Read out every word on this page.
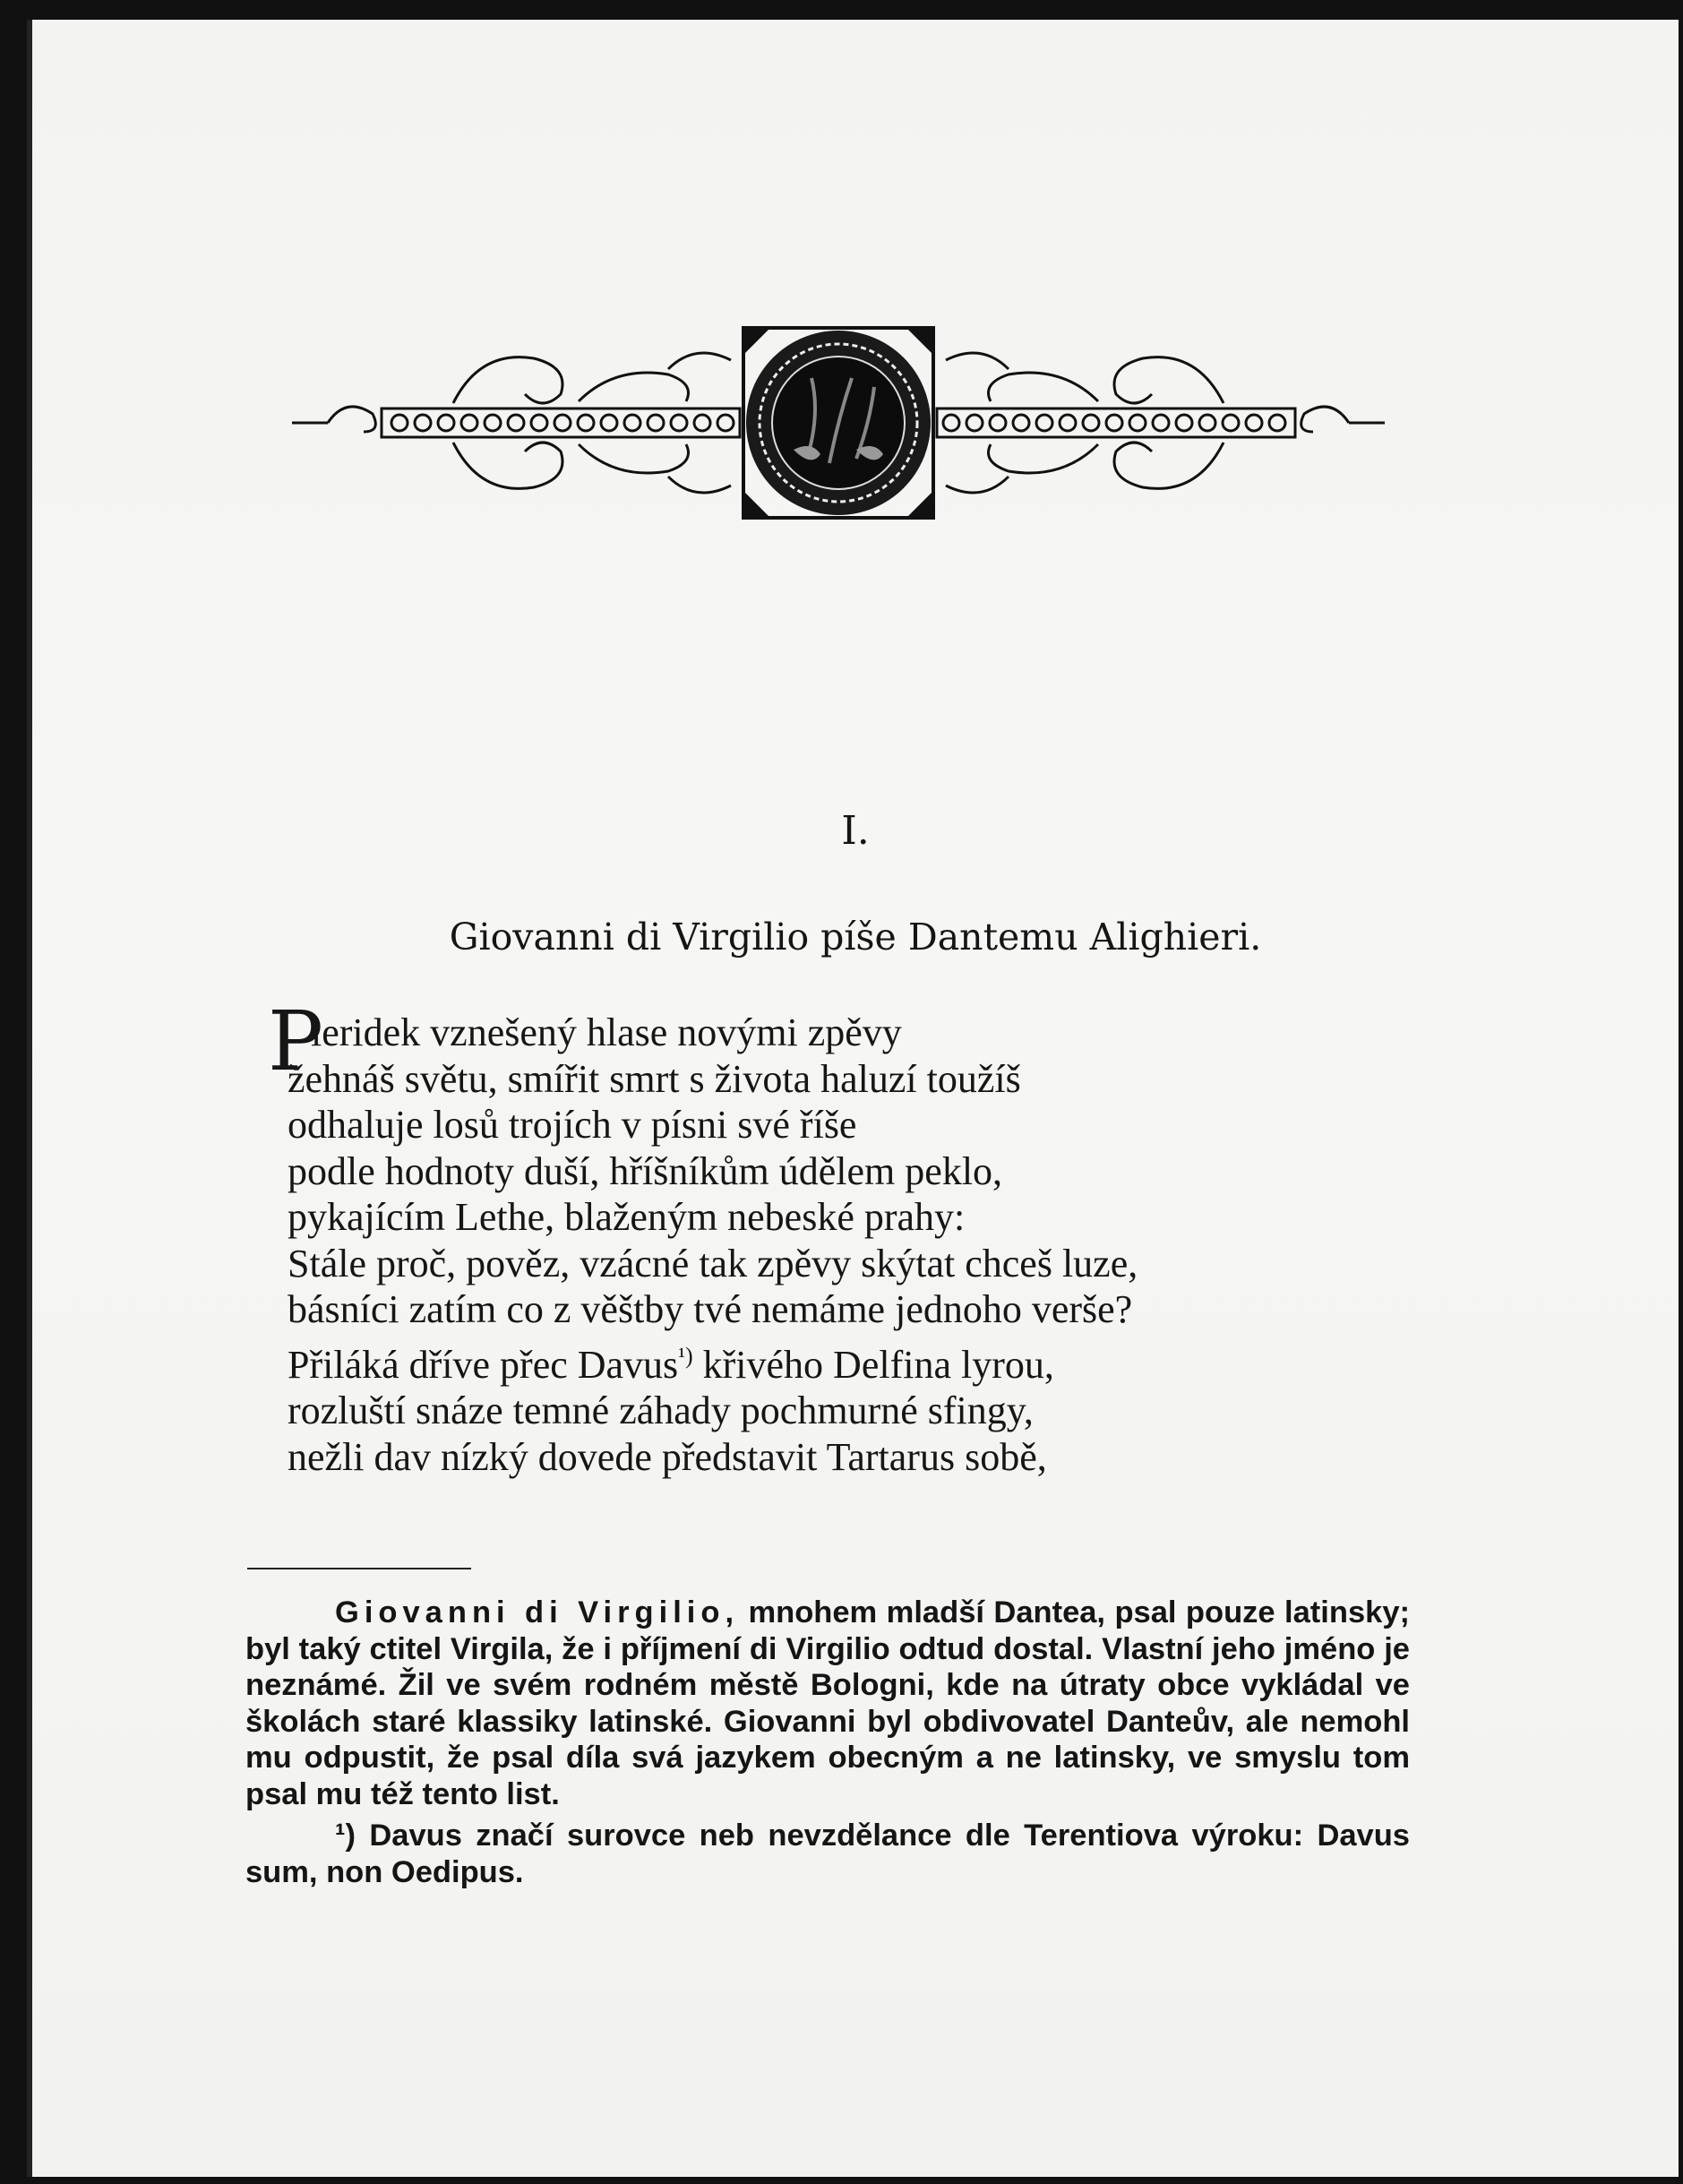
I.
Giovanni di Virgilio píše Dantemu Alighieri.
P
ieridek vznešený hlase novými zpěvy
žehnáš světu, smířit smrt s života haluzí toužíš
odhaluje losů trojích v písni své říše
podle hodnoty duší, hříšníkům údělem peklo,
pykajícím Lethe, blaženým nebeské prahy:
Stále proč, pověz, vzácné tak zpěvy skýtat chceš luze,
básníci zatím co z věštby tvé nemáme jednoho verše?
Přiláká dříve přec Davus$^{^1)}$ křivého Delfina lyrou,
rozluští snáze temné záhady pochmurné sfingy,
nežli dav nízký dovede představit Tartarus sobě,

Giovanni di Virgilio, mnohem mladší Dantea, psal pouze latinsky; byl taký ctitel Virgila, že i příjmení di Virgilio odtud dostal. Vlastní jeho jméno je neznámé. Žil ve svém rodném městě Bologni, kde na útraty obce vykládal ve školách staré klassiky latinské. Giovanni byl obdivovatel Danteův, ale nemohl mu odpustit, že psal díla svá jazykem obecným a ne latinsky, ve smyslu tom psal mu též tento list.

¹) Davus značí surovce neb nevzdělance dle Terentiova výroku: Davus sum, non Oedipus.
